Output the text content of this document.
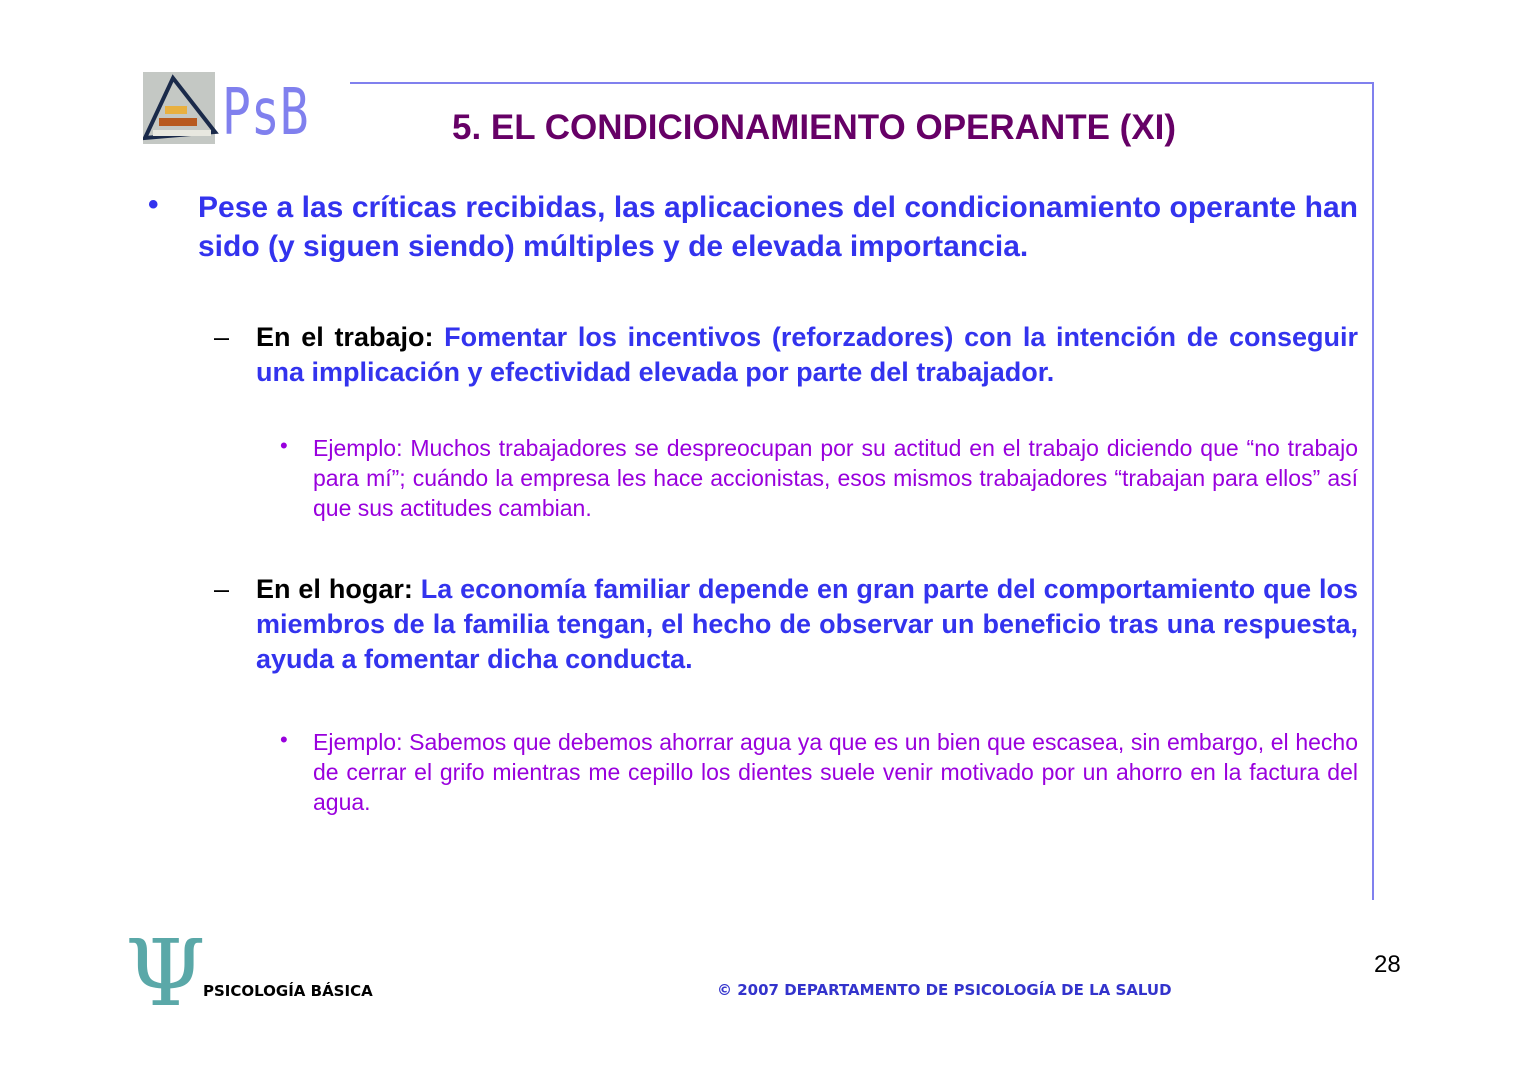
PsB	5. EL CONDICIONAMIENTO OPERANTE (XI)
• Pese a las críticas recibidas, las aplicaciones del condicionamiento operante han sido (y siguen siendo) múltiples y de elevada importancia.
– En el trabajo: Fomentar los incentivos (reforzadores) con la intención de conseguir una implicación y efectividad elevada por parte del trabajador.
• Ejemplo: Muchos trabajadores se despreocupan por su actitud en el trabajo diciendo que “no trabajo para mí”; cuándo la empresa les hace accionistas, esos mismos trabajadores “trabajan para ellos” así que sus actitudes cambian.
– En el hogar: La economía familiar depende en gran parte del comportamiento que los miembros de la familia tengan, el hecho de observar un beneficio tras una respuesta, ayuda a fomentar dicha conducta.
• Ejemplo: Sabemos que debemos ahorrar agua ya que es un bien que escasea, sin embargo, el hecho de cerrar el grifo mientras me cepillo los dientes suele venir motivado por un ahorro en la factura del agua.
Ψ
PSICOLOGÍA BÁSICA	© 2007 DEPARTAMENTO DE PSICOLOGÍA DE LA SALUD
28
